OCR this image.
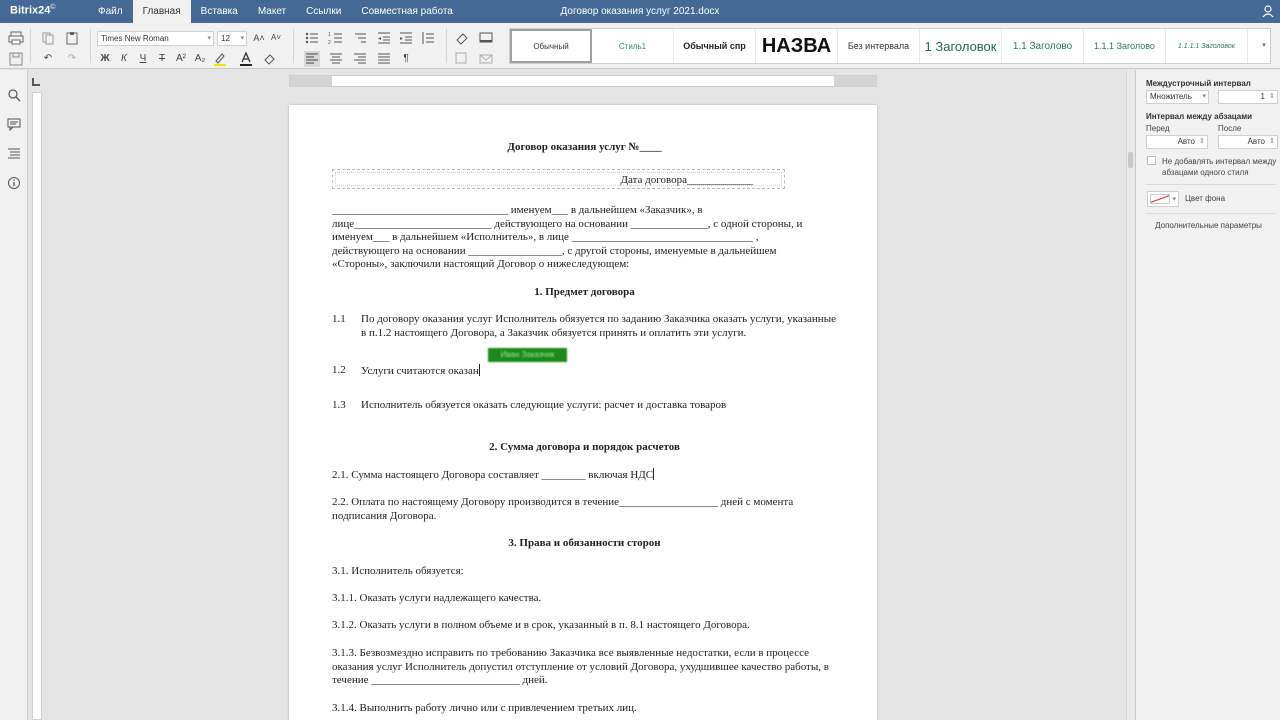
Bitrix24©	Договор оказания услуг 2021.docx
Файл	Главная	Вставка	Макет	Ссылки	Совместная работа
↶	↷
Times New Roman	▾	12 ▾ A˄ A˅
Ж	К	Ч	Т	A² A₂
1
2
¶
Обычный	Стиль1	Обычный спр НАЗВА	Без интервала	1 Заголовок	1.1 Заголово	1.1.1 Заголово	1.1.1.1 Заголовок	▾
Договор оказания услуг №____
Дата договора____________
________________________________ именуем___ в дальнейшем «Заказчик», в
лице_________________________ действующего на основании ______________, с одной стороны, и
именуем___ в дальнейшем «Исполнитель», в лице _________________________________ ,
действующего на основании _________________, с другой стороны, именуемые в дальнейшем
«Стороны», заключили настоящий Договор о нижеследующем:
1. Предмет договора
1.1 По договору оказания услуг Исполнитель обязуется по заданию Заказчика оказать услуги, указанные в п.1.2 настоящего Договора, а Заказчик обязуется принять и оплатить эти услуги.
Иван Заказчик
1.2 Услуги считаются оказан
1.3 Исполнитель обязуется оказать следующие услуги: расчет и доставка товаров
2. Сумма договора и порядок расчетов
2.1. Сумма настоящего Договора составляет ________ включая НДС
2.2. Оплата по настоящему Договору производится в течение__________________ дней с момента подписания Договора.
3. Права и обязанности сторон
3.1. Исполнитель обязуется:
3.1.1. Оказать услуги надлежащего качества.
3.1.2. Оказать услуги в полном объеме и в срок, указанный в п. 8.1 настоящего Договора.
3.1.3. Безвозмездно исправить по требованию Заказчика все выявленные недостатки, если в процессе оказания услуг Исполнитель допустил отступление от условий Договора, ухудшившее качество работы, в течение ___________________________ дней.
3.1.4. Выполнить работу лично или с привлечением третьих лиц.
Междустрочный интервал
Множитель ▾	1 ⇕
Интервал между абзацами
Перед	После
Авто ⇕	Авто ⇕
Не добавлять интервал между абзацами одного стиля
▾ Цвет фона
Дополнительные параметры
